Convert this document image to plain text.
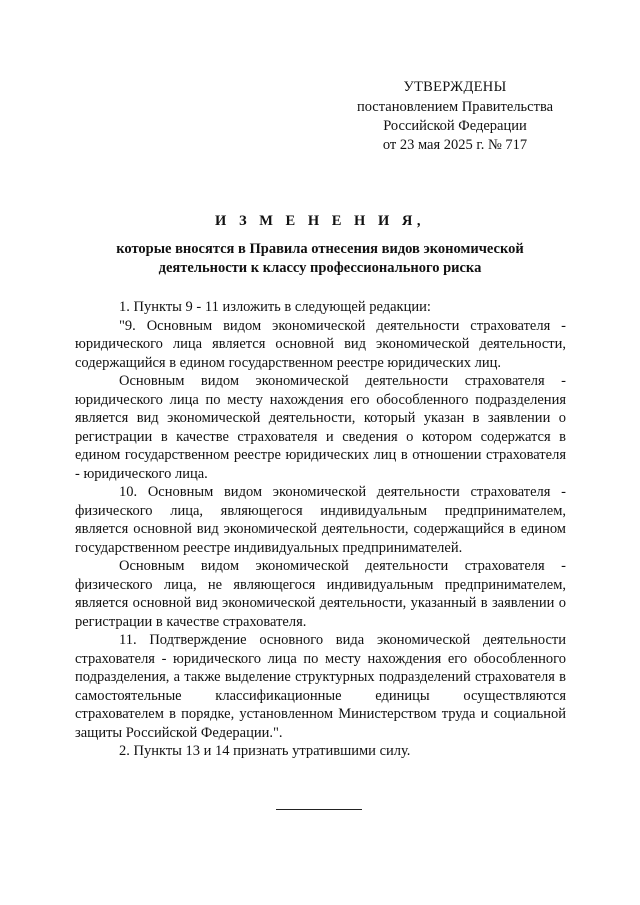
УТВЕРЖДЕНЫ
постановлением Правительства
Российской Федерации
от 23 мая 2025 г. № 717
И З М Е Н Е Н И Я,
которые вносятся в Правила отнесения видов экономической деятельности к классу профессионального риска

1. Пункты 9 - 11 изложить в следующей редакции:

"9. Основным видом экономической деятельности страхователя - юридического лица является основной вид экономической деятельности, содержащийся в едином государственном реестре юридических лиц.

Основным видом экономической деятельности страхователя - юридического лица по месту нахождения его обособленного подразделения является вид экономической деятельности, который указан в заявлении о регистрации в качестве страхователя и сведения о котором содержатся в едином государственном реестре юридических лиц в отношении страхователя - юридического лица.

10. Основным видом экономической деятельности страхователя - физического лица, являющегося индивидуальным предпринимателем, является основной вид экономической деятельности, содержащийся в едином государственном реестре индивидуальных предпринимателей.

Основным видом экономической деятельности страхователя - физического лица, не являющегося индивидуальным предпринимателем, является основной вид экономической деятельности, указанный в заявлении о регистрации в качестве страхователя.

11. Подтверждение основного вида экономической деятельности страхователя - юридического лица по месту нахождения его обособленного подразделения, а также выделение структурных подразделений страхователя в самостоятельные классификационные единицы осуществляются страхователем в порядке, установленном Министерством труда и социальной защиты Российской Федерации.".

2. Пункты 13 и 14 признать утратившими силу.
